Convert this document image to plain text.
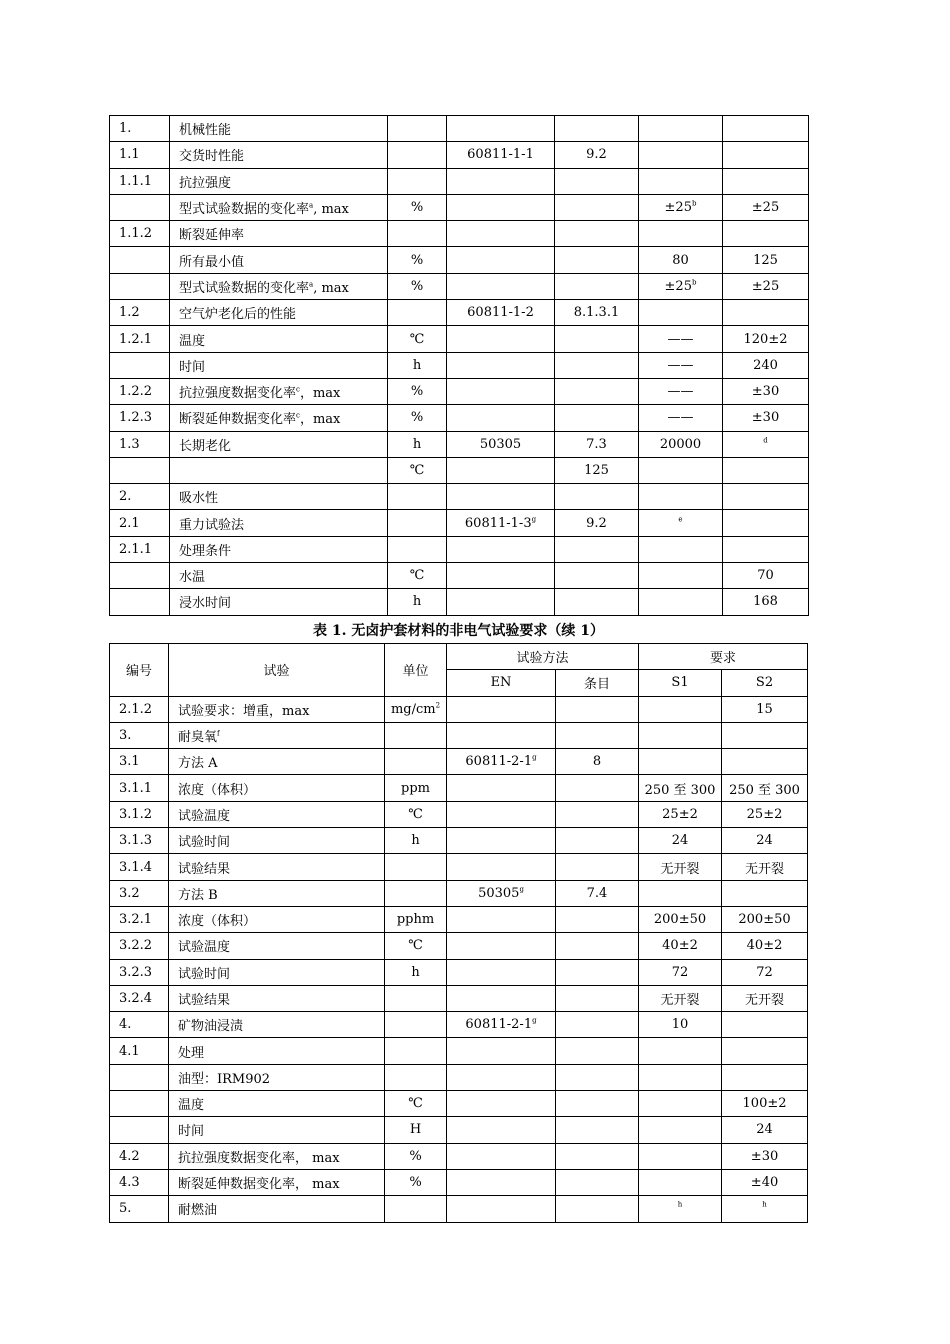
1.	机械性能					
1.1	交货时性能		60811-1-1	9.2		
1.1.1	抗拉强度					
	型式试验数据的变化率$^a$, max	%			$\pm 25^b$	±25
1.1.2	断裂延伸率					
	所有最小值	%			80	125
	型式试验数据的变化率$^a$, max	%			$\pm 25^b$	±25
1.2	空气炉老化后的性能		60811-1-2	8.1.3.1		
1.2.1	温度	℃			——	120±2
	时间	h			——	240
1.2.2	抗拉强度数据变化率$^c$，max	%			——	±30
1.2.3	断裂延伸数据变化率$^c$，max	%			——	±30
1.3	长期老化	h	50305	7.3	20000	$^d$
		℃		125		
2.	吸水性					
2.1	重力试验法		60811-1-3$^g$	9.2	$^e$	
2.1.1	处理条件					
	水温	℃				70
	浸水时间	h				168
表 1. 无卤护套材料的非电气试验要求（续 1）
编号	试验	单位	试验方法		要求	
			EN	条目	S1	S2
2.1.2	试验要求：增重，max	$mg/cm^2$				15
3.	耐臭氧$^f$					
3.1	方法 A		60811-2-1$^g$	8		
3.1.1	浓度（体积）	ppm			250 至 300	250 至 300
3.1.2	试验温度	℃			25±2	25±2
3.1.3	试验时间	h			24	24
3.1.4	试验结果				无开裂	无开裂
3.2	方法 B		50305$^g$	7.4		
3.2.1	浓度（体积）	pphm			200±50	200±50
3.2.2	试验温度	℃			40±2	40±2
3.2.3	试验时间	h			72	72
3.2.4	试验结果				无开裂	无开裂
4.	矿物油浸渍		60811-2-1$^g$		10	
4.1	处理					
	油型：IRM902					
	温度	℃				100±2
	时间	H				24
4.2	抗拉强度数据变化率， max	%				±30
4.3	断裂延伸数据变化率， max	%				±40
5.	耐燃油				$^h$	$^h$
